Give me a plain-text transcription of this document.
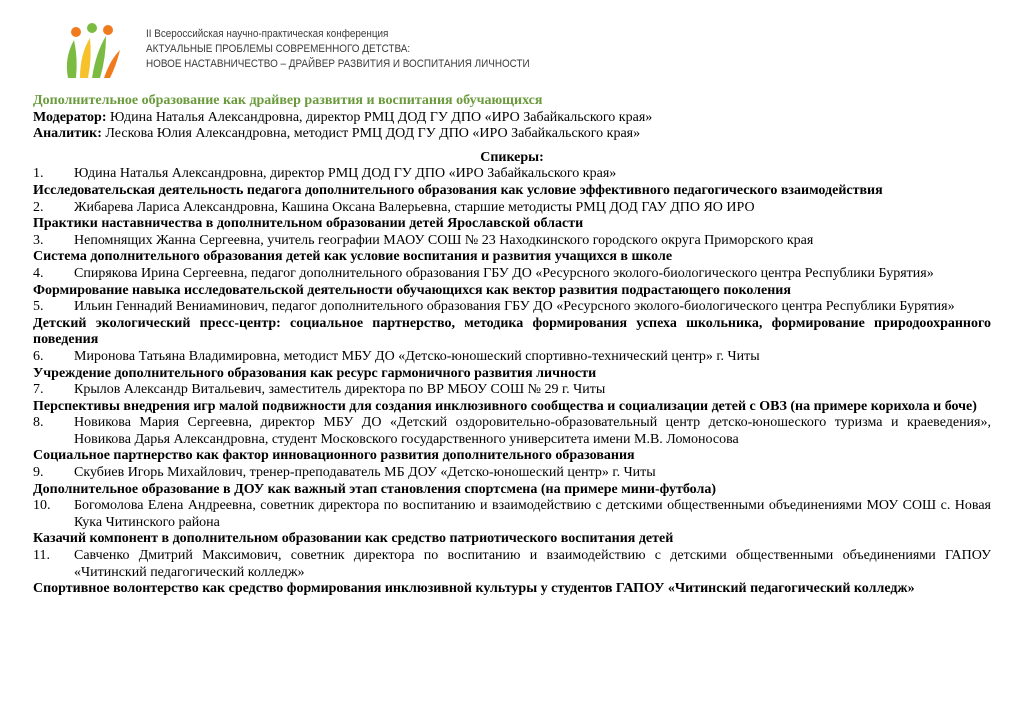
II Всероссийская научно-практическая конференция
АКТУАЛЬНЫЕ ПРОБЛЕМЫ СОВРЕМЕННОГО ДЕТСТВА:
НОВОЕ НАСТАВНИЧЕСТВО – ДРАЙВЕР РАЗВИТИЯ И ВОСПИТАНИЯ ЛИЧНОСТИ
Дополнительное образование как драйвер развития и воспитания обучающихся
Модератор: Юдина Наталья Александровна, директор РМЦ ДОД ГУ ДПО «ИРО Забайкальского края»
Аналитик: Лескова Юлия Александровна, методист РМЦ ДОД ГУ ДПО «ИРО Забайкальского края»
Спикеры:
1.	Юдина Наталья Александровна, директор РМЦ ДОД ГУ ДПО «ИРО Забайкальского края»
Исследовательская деятельность педагога дополнительного образования как условие эффективного педагогического взаимодействия
2.	Жибарева Лариса Александровна, Кашина Оксана Валерьевна, старшие методисты РМЦ ДОД ГАУ ДПО ЯО ИРО
Практики наставничества в дополнительном образовании детей Ярославской области
3.	Непомнящих Жанна Сергеевна, учитель географии МАОУ СОШ № 23 Находкинского городского округа Приморского края
Система дополнительного образования детей как условие воспитания и развития учащихся в школе
4.	Спирякова Ирина Сергеевна, педагог дополнительного образования ГБУ ДО «Ресурсного эколого-биологического центра Республики Бурятия»
Формирование навыка исследовательской деятельности обучающихся как вектор развития подрастающего поколения
5.	Ильин Геннадий Вениаминович, педагог дополнительного образования ГБУ ДО «Ресурсного эколого-биологического центра Республики Бурятия»
Детский экологический пресс-центр: социальное партнерство, методика формирования успеха школьника, формирование природоохранного поведения
6.	Миронова Татьяна Владимировна, методист МБУ ДО «Детско-юношеский спортивно-технический центр» г. Читы
Учреждение дополнительного образования как ресурс гармоничного развития личности
7.	Крылов Александр Витальевич, заместитель директора по ВР МБОУ СОШ № 29 г. Читы
Перспективы внедрения игр малой подвижности для создания инклюзивного сообщества и социализации детей с ОВЗ (на примере корихола и боче)
8.	Новикова Мария Сергеевна, директор МБУ ДО «Детский оздоровительно-образовательный центр детско-юношеского туризма и краеведения», Новикова Дарья Александровна, студент Московского государственного университета имени М.В. Ломоносова
Социальное партнерство как фактор инновационного развития дополнительного образования
9.	Скубиев Игорь Михайлович, тренер-преподаватель МБ ДОУ «Детско-юношеский центр» г. Читы
Дополнительное образование в ДОУ как важный этап становления спортсмена (на примере мини-футбола)
10.	Богомолова Елена Андреевна, советник директора по воспитанию и взаимодействию с детскими общественными объединениями МОУ СОШ с. Новая Кука Читинского района
Казачий компонент в дополнительном образовании как средство патриотического воспитания детей
11.	Савченко Дмитрий Максимович, советник директора по воспитанию и взаимодействию с детскими общественными объединениями ГАПОУ «Читинский педагогический колледж»
Спортивное волонтерство как средство формирования инклюзивной культуры у студентов ГАПОУ «Читинский педагогический колледж»
